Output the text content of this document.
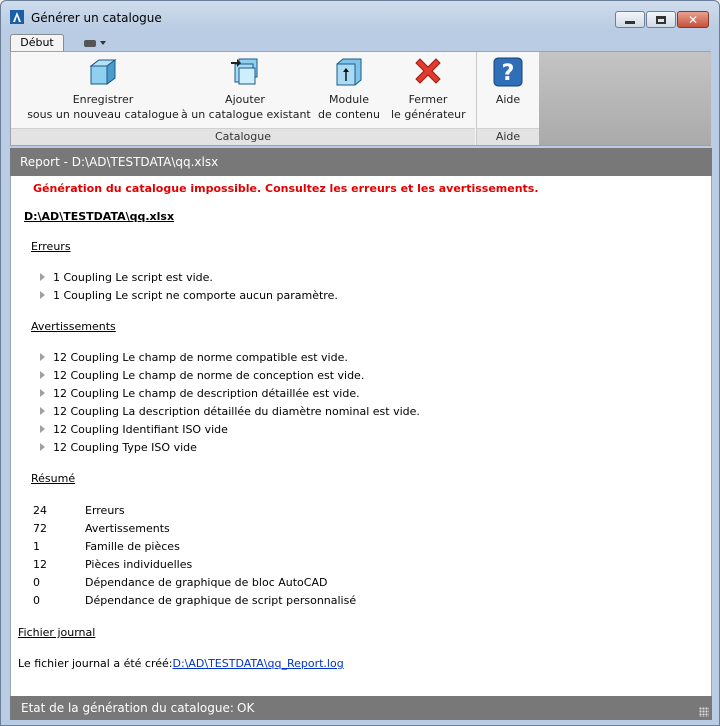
Générer un catalogue	✕
Début
Enregistrer
sous un nouveau catalogue
Ajouter
à un catalogue existant
Module
de contenu
Fermer
le générateur
Catalogue
?
Aide
Aide
Report - D:\AD\TESTDATA\qq.xlsx
Génération du catalogue impossible. Consultez les erreurs et les avertissements.
D:\AD\TESTDATA\qq.xlsx
Erreurs
1 Coupling Le script est vide.
1 Coupling Le script ne comporte aucun paramètre.
Avertissements
12 Coupling Le champ de norme compatible est vide.
12 Coupling Le champ de norme de conception est vide.
12 Coupling Le champ de description détaillée est vide.
12 Coupling La description détaillée du diamètre nominal est vide.
12 Coupling Identifiant ISO vide
12 Coupling Type ISO vide
Résumé
24	Erreurs
72	Avertissements
1	Famille de pièces
12	Pièces individuelles
0	Dépendance de graphique de bloc AutoCAD
0	Dépendance de graphique de script personnalisé
Fichier journal
Le fichier journal a été créé:D:\AD\TESTDATA\qq_Report.log
Etat de la génération du catalogue: OK
